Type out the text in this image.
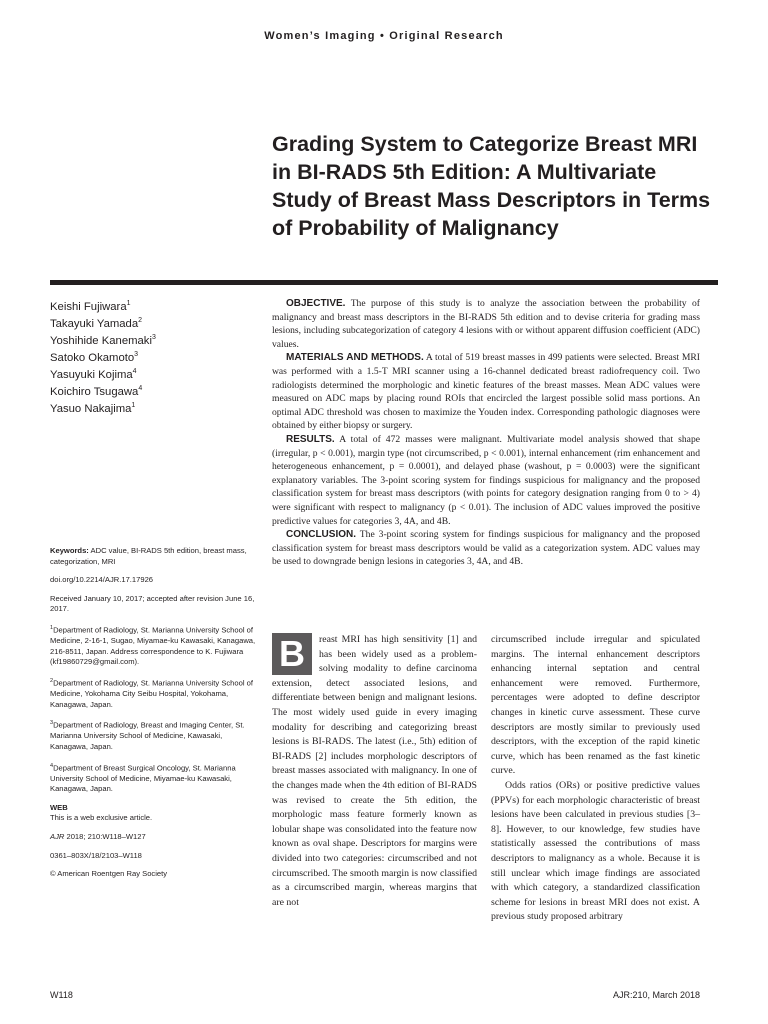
Women’s Imaging • Original Research
Grading System to Categorize Breast MRI in BI-RADS 5th Edition: A Multivariate Study of Breast Mass Descriptors in Terms of Probability of Malignancy
Keishi Fujiwara$^1$
Takayuki Yamada$^2$
Yoshihide Kanemaki$^3$
Satoko Okamoto$^3$
Yasuyuki Kojima$^4$
Koichiro Tsugawa$^4$
Yasuo Nakajima$^1$

OBJECTIVE. The purpose of this study is to analyze the association between the probability of malignancy and breast mass descriptors in the BI-RADS 5th edition and to devise criteria for grading mass lesions, including subcategorization of category 4 lesions with or without apparent diffusion coefficient (ADC) values.

MATERIALS AND METHODS. A total of 519 breast masses in 499 patients were selected. Breast MRI was performed with a 1.5-T MRI scanner using a 16-channel dedicated breast radiofrequency coil. Two radiologists determined the morphologic and kinetic features of the breast masses. Mean ADC values were measured on ADC maps by placing round ROIs that encircled the largest possible solid mass portions. An optimal ADC threshold was chosen to maximize the Youden index. Corresponding pathologic diagnoses were obtained by either biopsy or surgery.

RESULTS. A total of 472 masses were malignant. Multivariate model analysis showed that shape (irregular, p < 0.001), margin type (not circumscribed, p < 0.001), internal enhancement (rim enhancement and heterogeneous enhancement, p = 0.0001), and delayed phase (washout, p = 0.0003) were the significant explanatory variables. The 3-point scoring system for findings suspicious for malignancy and the proposed classification system for breast mass descriptors (with points for category designation ranging from 0 to > 4) were significant with respect to malignancy (p < 0.01). The inclusion of ADC values improved the positive predictive values for categories 3, 4A, and 4B.

CONCLUSION. The 3-point scoring system for findings suspicious for malignancy and the proposed classification system for breast mass descriptors would be valid as a categorization system. ADC values may be used to downgrade benign lesions in categories 3, 4A, and 4B.

Keywords: ADC value, BI-RADS 5th edition, breast mass, categorization, MRI

doi.org/10.2214/AJR.17.17926

Received January 10, 2017; accepted after revision June 16, 2017.

$^1$Department of Radiology, St. Marianna University School of Medicine, 2-16-1, Sugao, Miyamae-ku Kawasaki, Kanagawa, 216-8511, Japan. Address correspondence to K. Fujiwara (kf19860729@gmail.com).

$^2$Department of Radiology, St. Marianna University School of Medicine, Yokohama City Seibu Hospital, Yokohama, Kanagawa, Japan.

$^3$Department of Radiology, Breast and Imaging Center, St. Marianna University School of Medicine, Kawasaki, Kanagawa, Japan.

$^4$Department of Breast Surgical Oncology, St. Marianna University School of Medicine, Miyamae-ku Kawasaki, Kanagawa, Japan.

WEB
This is a web exclusive article.

AJR 2018; 210:W118–W127

0361–803X/18/2103–W118

© American Roentgen Ray Society

B	reast MRI has high sensitivity [1] and has been widely used as a problem-solving modality to define carcinoma extension, detect associated lesions, and differentiate between benign and malignant lesions. The most widely used guide in every imaging modality for describing and categorizing breast lesions is BI-RADS. The latest (i.e., 5th) edition of BI-RADS [2] includes morphologic descriptors of breast masses associated with malignancy. In one of the changes made when the 4th edition of BI-RADS was revised to create the 5th edition, the morphologic mass feature formerly known as lobular shape was consolidated into the feature now known as oval shape. Descriptors for margins were divided into two categories: circumscribed and not circumscribed. The smooth margin is now classified as a circumscribed margin, whereas margins that are not

circumscribed include irregular and spiculated margins. The internal enhancement descriptors enhancing internal septation and central enhancement were removed. Furthermore, percentages were adopted to define descriptor changes in kinetic curve assessment. These curve descriptors are mostly similar to previously used descriptors, with the exception of the rapid kinetic curve, which has been renamed as the fast kinetic curve.

Odds ratios (ORs) or positive predictive values (PPVs) for each morphologic characteristic of breast lesions have been calculated in previous studies [3–8]. However, to our knowledge, few studies have statistically assessed the contributions of mass descriptors to malignancy as a whole. Because it is still unclear which image findings are associated with which category, a standardized classification scheme for lesions in breast MRI does not exist. A previous study proposed arbitrary

W118	AJR:210, March 2018
